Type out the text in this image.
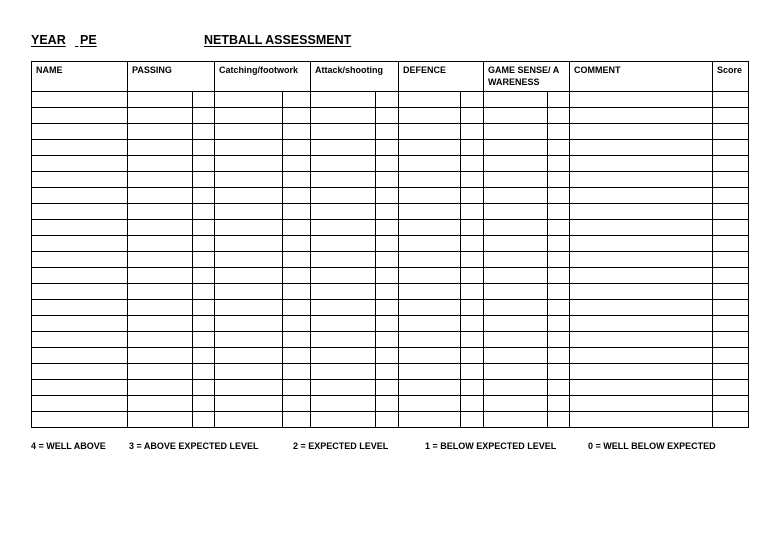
YEAR
PE	NETBALL ASSESSMENT
NAME	PASSING		Catching/footwork		Attack/shooting		DEFENCE		GAME SENSE/ AWARENESS		COMMENT	Score

4 = WELL ABOVE	3 = ABOVE EXPECTED LEVEL	2 = EXPECTED LEVEL	1 = BELOW EXPECTED LEVEL	0 = WELL BELOW EXPECTED
